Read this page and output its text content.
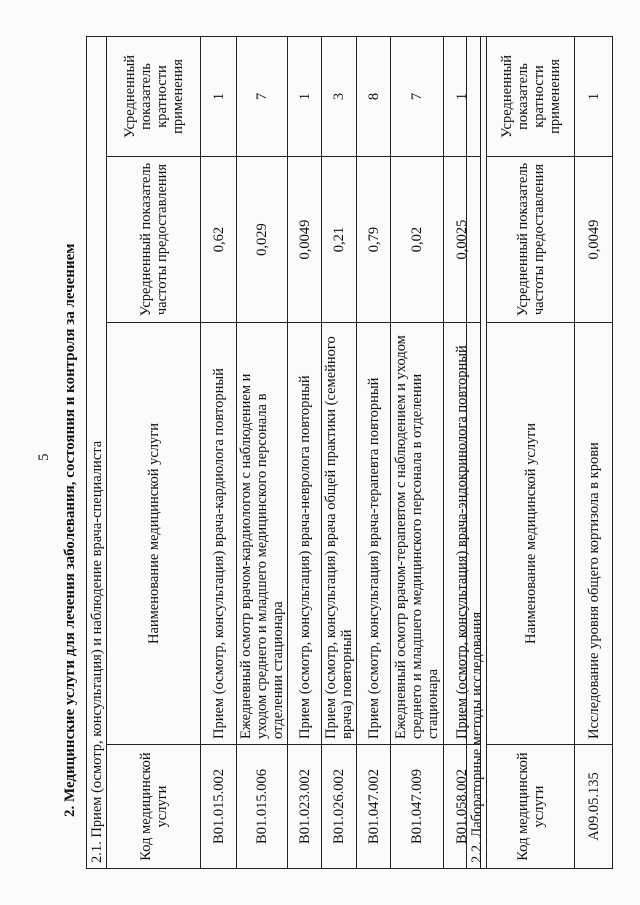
5 2. Медицинские услуги для лечения заболевания, состояния и контроля за лечением 2.1. Прием (осмотр, консультация) и наблюдение врача-специалиста			
Код медицинской услуги	Наименование медицинской услуги	Усредненный показатель частоты предоставления	Усредненный показатель кратности применения
B01.015.002	Прием (осмотр, консультация) врача-кардиолога повторный	0,62	1
B01.015.006	Ежедневный осмотр врачом-кардиологом с наблюдением и уходом среднего и младшего медицинского персонала в отделении стационара	0,029	7
B01.023.002	Прием (осмотр, консультация) врача-невролога повторный	0,0049	1
B01.026.002	Прием (осмотр, консультация) врача общей практики (семейного врача) повторный	0,21	3
B01.047.002	Прием (осмотр, консультация) врача-терапевта повторный	0,79	8
B01.047.009	Ежедневный осмотр врачом-терапевтом с наблюдением и уходом среднего и младшего медицинского персонала в отделении стационара	0,02	7
B01.058.002	Прием (осмотр, консультация) врача-эндокринолога повторный	0,0025	1
2.2. Лабораторные методы исследования			
Код медицинской услуги	Наименование медицинской услуги	Усредненный показатель частоты предоставления	Усредненный показатель кратности применения
A09.05.135	Исследование уровня общего кортизола в крови	0,0049	1
